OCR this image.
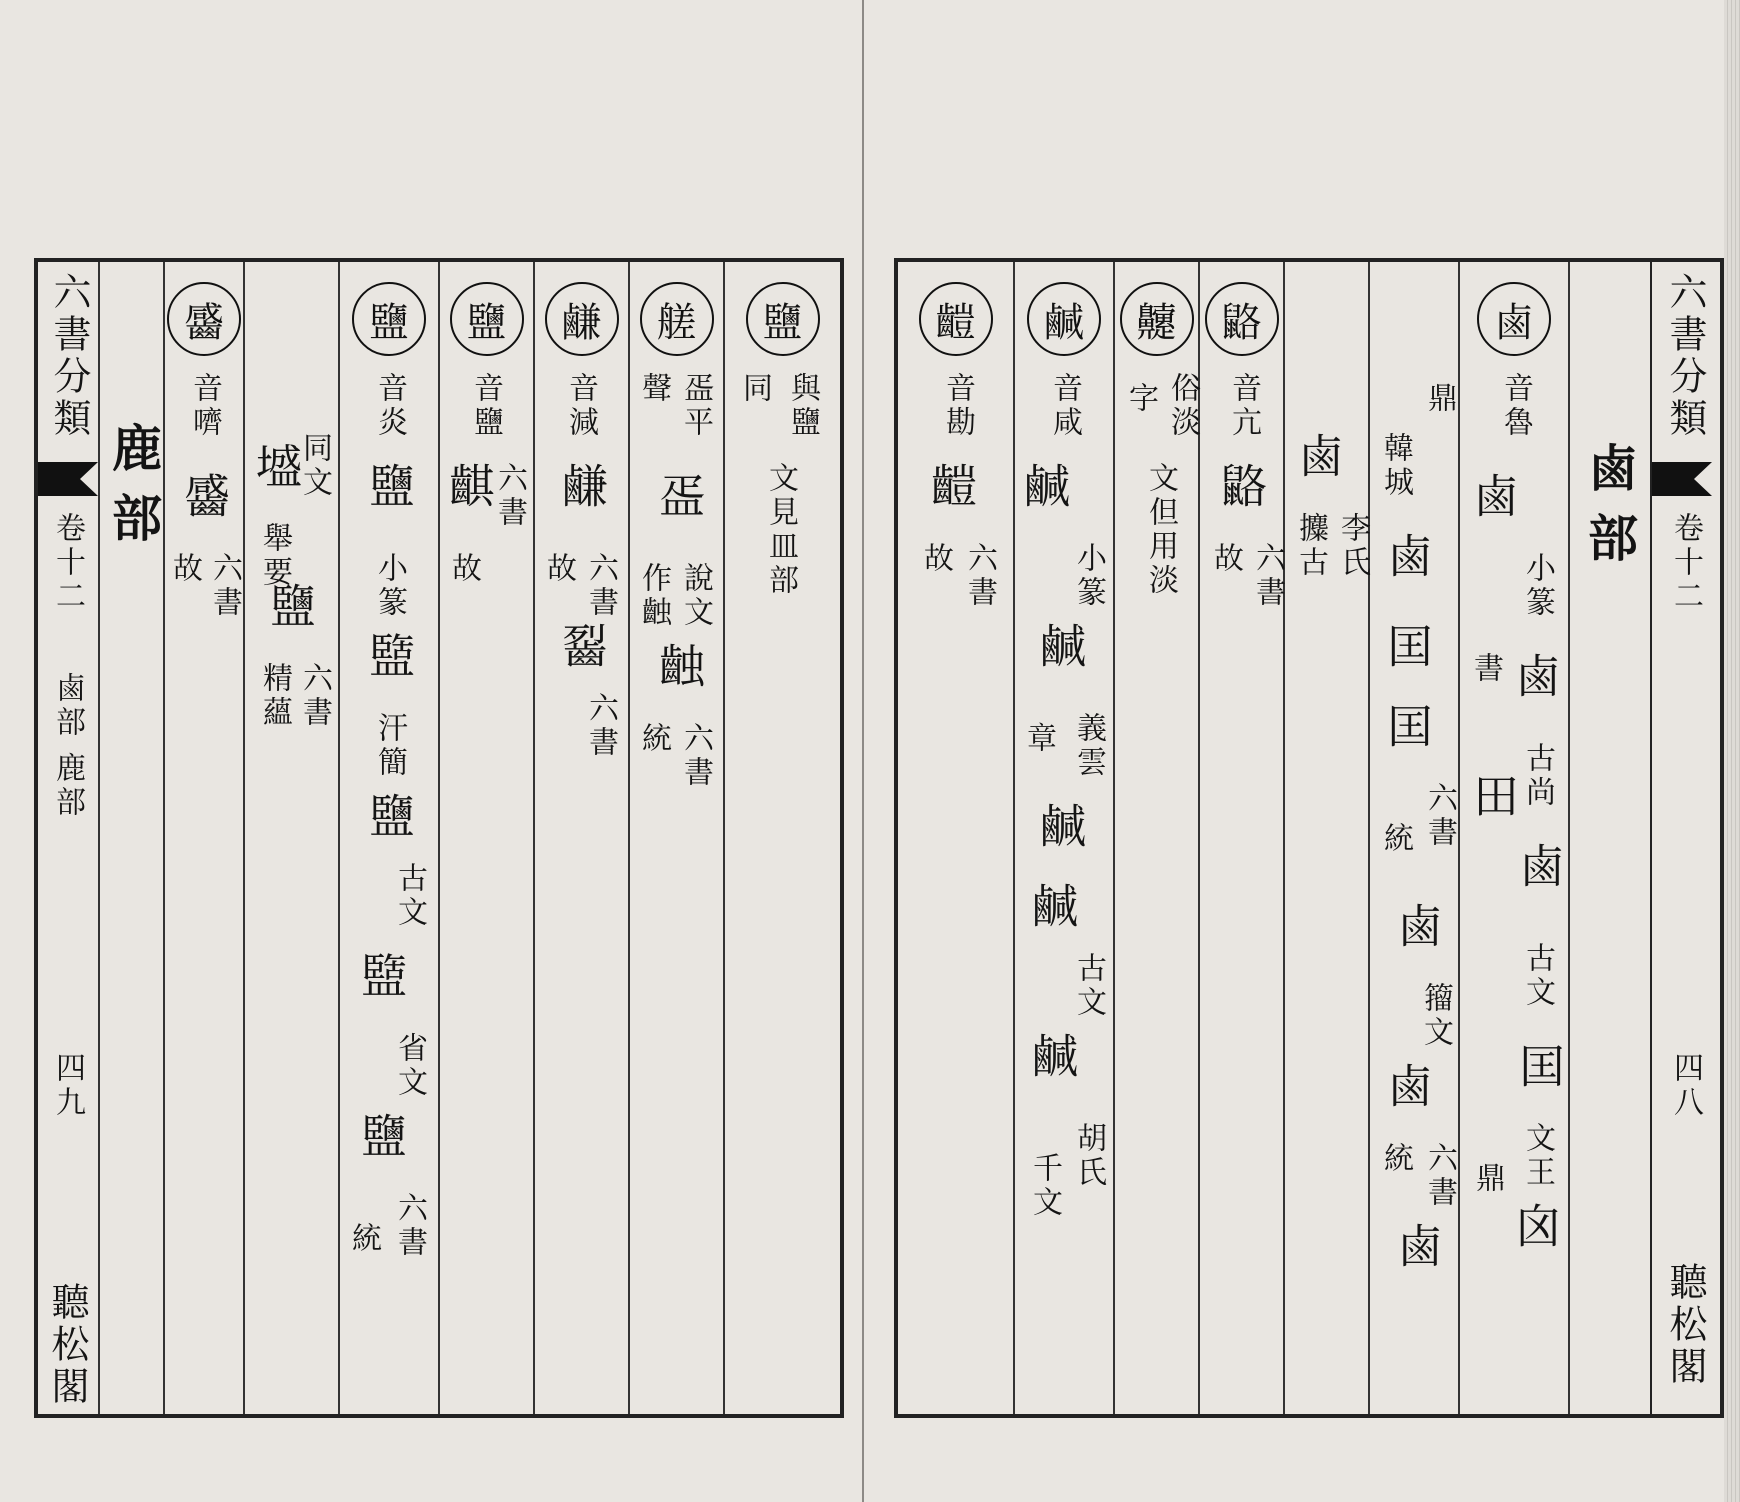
六書分類
卷十二
鹵部
鹿部
四九
聽松閣
鹽
與鹽
同
文見皿部
艖
㿿平
聲
㿿
說文
作䶚
䶚
六書
統
鹻
音減
鹻
六書
故
䶛
六書
鹽
音鹽
䶞
六書
故
鹽
音炎
鹽
小篆
盬
汗簡
鹽
古文
盬
省文
鹽
六書
統
墭
同文
舉要
鹽
六書
精蘊
䶠
音嚌
䶠
六書
故
鹿部

六書分類
卷十二
四八
聽松閣
鹵部
鹵
音魯
鹵
小篆
鹵
書
古尚
田
鹵
古文
囯
文王
鼎
囟
韓城
鼎
鹵
囯
囯
六書
統
鹵
籀文
鹵
六書
統
鹵
鹵
李氏
攗古
䶅
音亢
䶅
六書
故
䶑
俗淡
字
文但用淡
鹹
音咸
鹹
小篆
鹹
義雲
章
鹹
鹹
古文
鹹
胡氏
千文
䶣
音勘
䶣
六書
故
